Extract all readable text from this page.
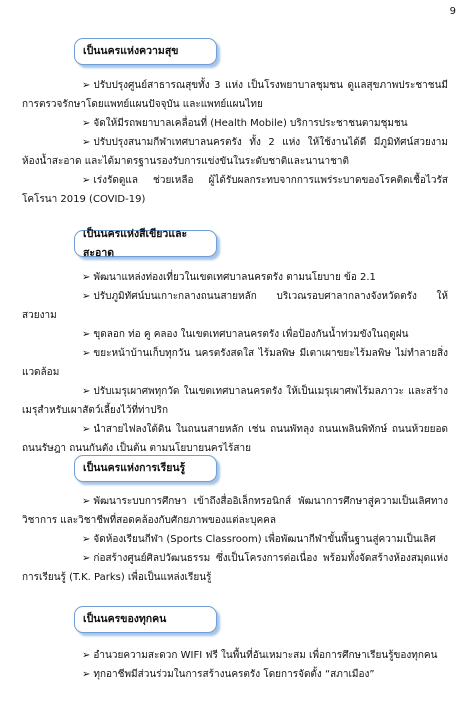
9
เป็นนครแห่งความสุข

➢ ปรับปรุงศูนย์สาธารณสุขทั้ง 3 แห่ง เป็นโรงพยาบาลชุมชน ดูแลสุขภาพประชาชนมีการตรวจรักษาโดยแพทย์แผนปัจจุบัน และแพทย์แผนไทย

➢ จัดให้มีรถพยาบาลเคลื่อนที่ (Health Mobile) บริการประชาชนตามชุมชน

➢ ปรับปรุงสนามกีฬาเทศบาลนครตรัง ทั้ง 2 แห่ง ให้ใช้งานได้ดี มีภูมิทัศน์สวยงาม ห้องน้ำสะอาด และได้มาตรฐานรองรับการแข่งขันในระดับชาติและนานาชาติ

➢ เร่งรัดดูแล ช่วยเหลือ ผู้ได้รับผลกระทบจากการแพร่ระบาดของโรคติดเชื้อไวรัสโคโรนา 2019 (COVID-19)

เป็นนครแห่งสีเขียวและสะอาด

➢ พัฒนาแหล่งท่องเที่ยวในเขตเทศบาลนครตรัง ตามนโยบาย ข้อ 2.1

➢ ปรับภูมิทัศน์บนเกาะกลางถนนสายหลัก บริเวณรอบศาลากลางจังหวัดตรัง ให้สวยงาม

➢ ขุดลอก ท่อ คู คลอง ในเขตเทศบาลนครตรัง เพื่อป้องกันน้ำท่วมขังในฤดูฝน

➢ ขยะหน้าบ้านเก็บทุกวัน นครตรังสดใส ไร้มลพิษ มีเตาเผาขยะไร้มลพิษ ไม่ทำลายสิ่งแวดล้อม

➢ ปรับเมรุเผาศพทุกวัด ในเขตเทศบาลนครตรัง ให้เป็นเมรุเผาศพไร้มลภาวะ และสร้างเมรุสำหรับเผาสัตว์เลี้ยงไว้ที่ท่าปริก

➢ นำสายไฟลงใต้ดิน ในถนนสายหลัก เช่น ถนนพัทลุง ถนนเพลินพิทักษ์ ถนนห้วยยอด ถนนรัษฎา ถนนกันตัง เป็นต้น ตามนโยบายนครไร้สาย

เป็นนครแห่งการเรียนรู้

➢ พัฒนาระบบการศึกษา เข้าถึงสื่ออิเล็กทรอนิกส์ พัฒนาการศึกษาสู่ความเป็นเลิศทางวิชาการ และวิชาชีพที่สอดคล้องกับศักยภาพของแต่ละบุคคล

➢ จัดห้องเรียนกีฬา (Sports Classroom) เพื่อพัฒนากีฬาขั้นพื้นฐานสู่ความเป็นเลิศ

➢ ก่อสร้างศูนย์ศิลปวัฒนธรรม ซึ่งเป็นโครงการต่อเนื่อง พร้อมทั้งจัดสร้างห้องสมุดแห่งการเรียนรู้ (T.K. Parks) เพื่อเป็นแหล่งเรียนรู้

เป็นนครของทุกคน

➢ อำนวยความสะดวก WIFI ฟรี ในพื้นที่อันเหมาะสม เพื่อการศึกษาเรียนรู้ของทุกคน

➢ ทุกอาชีพมีส่วนร่วมในการสร้างนครตรัง โดยการจัดตั้ง “สภาเมือง”
